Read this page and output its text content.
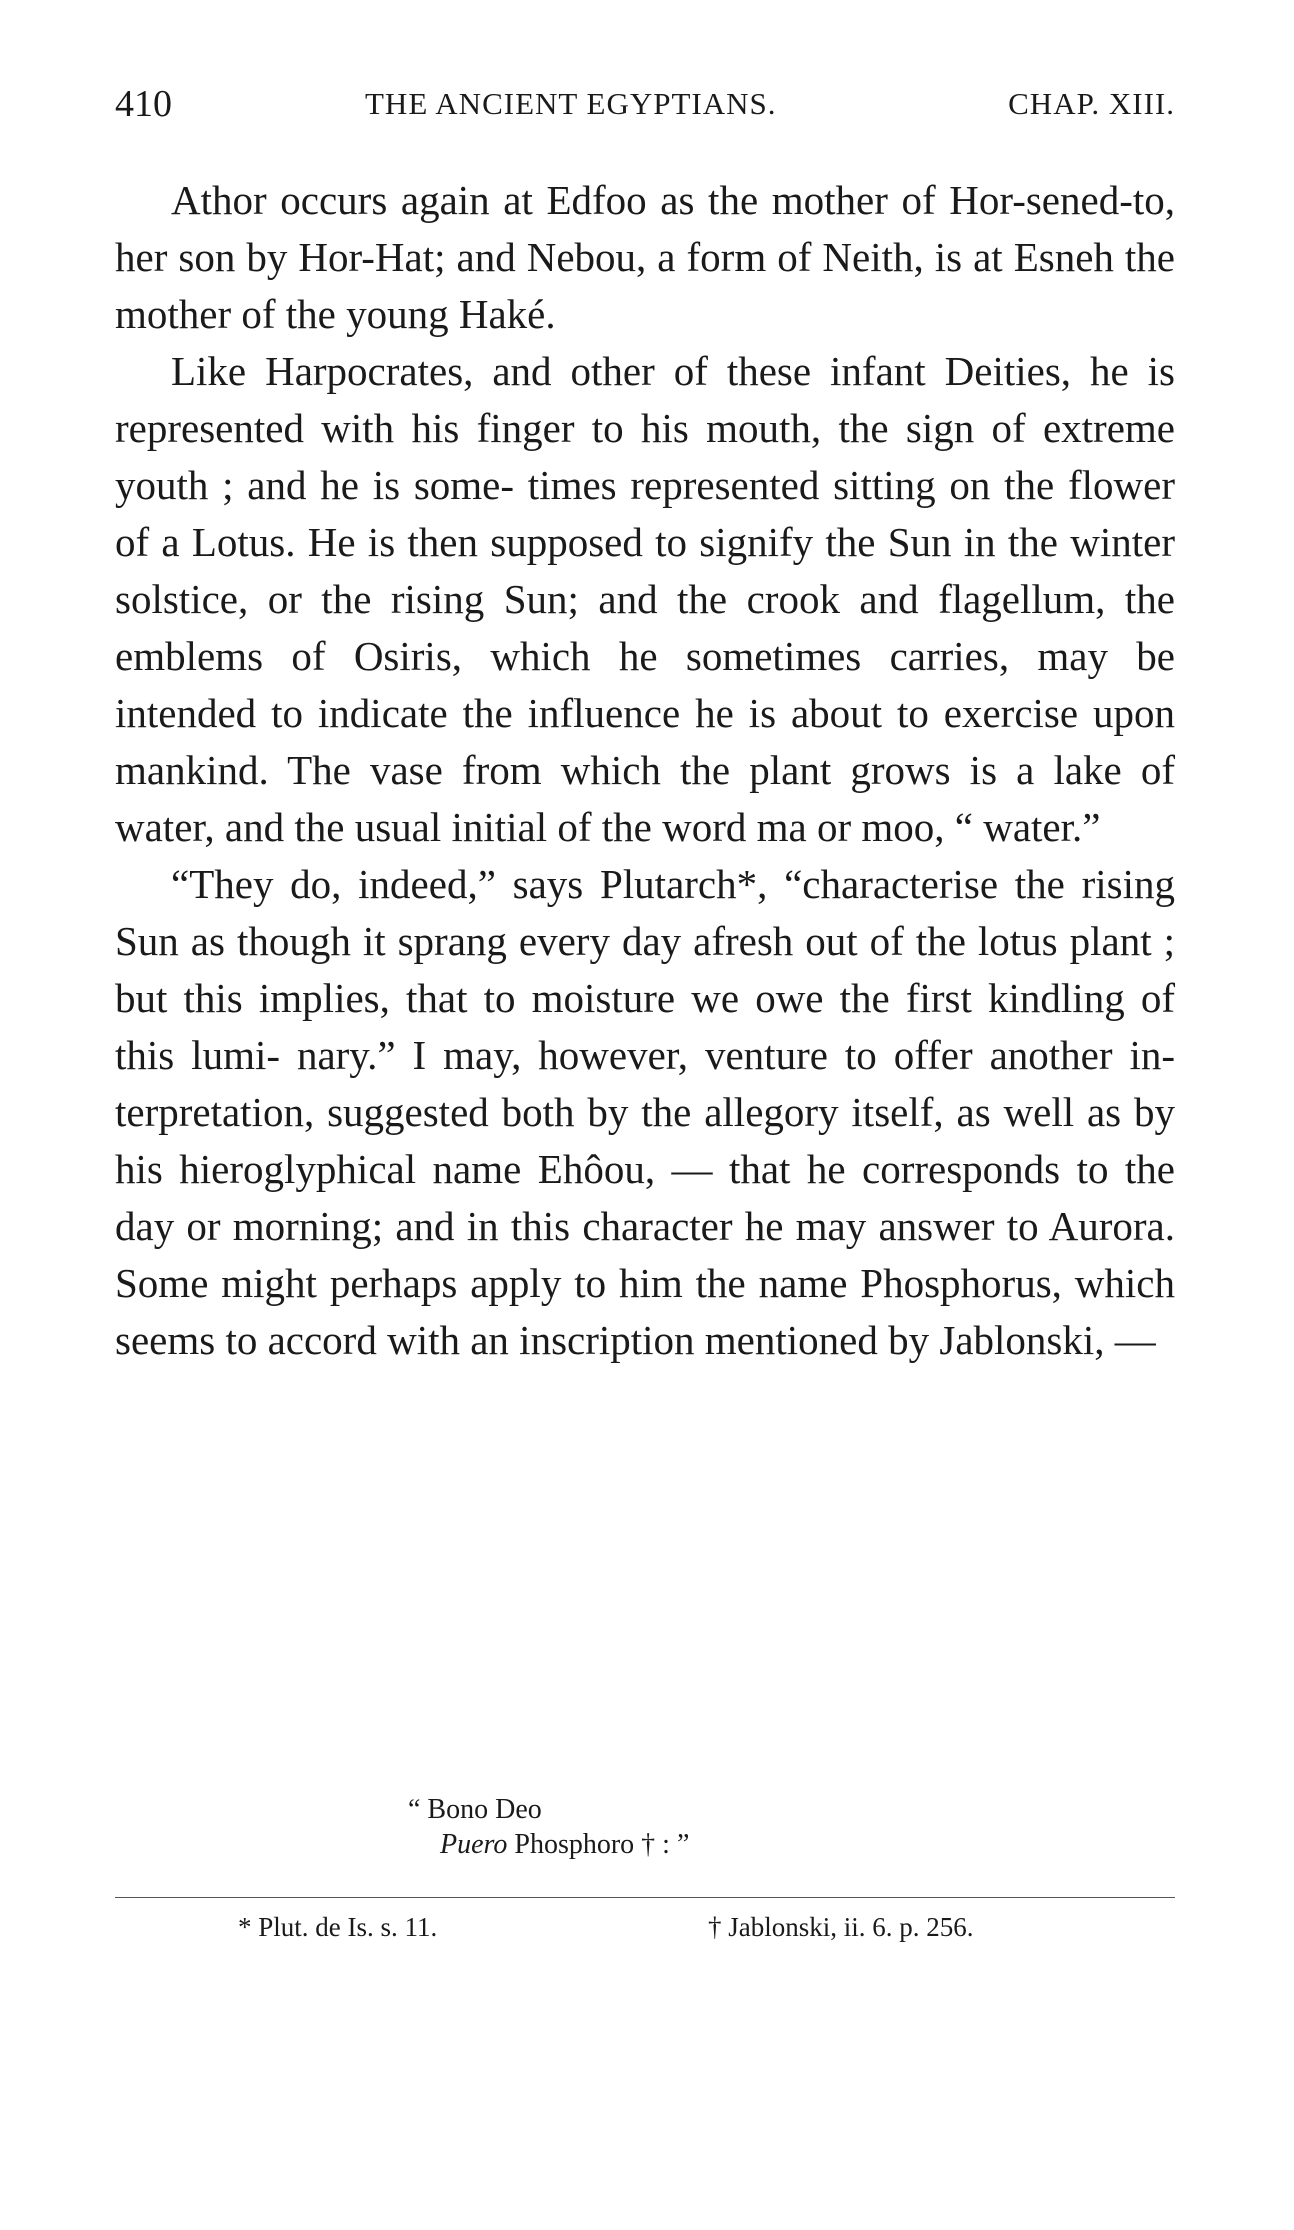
410	THE ANCIENT EGYPTIANS.	CHAP. XIII.

Athor occurs again at Edfoo as the mother of Hor-sened-to, her son by Hor-Hat; and Nebou, a form of Neith, is at Esneh the mother of the young Haké.

Like Harpocrates, and other of these infant Deities, he is represented with his finger to his mouth, the sign of extreme youth ; and he is some- times represented sitting on the flower of a Lotus. He is then supposed to signify the Sun in the winter solstice, or the rising Sun; and the crook and flagellum, the emblems of Osiris, which he sometimes carries, may be intended to indicate the influence he is about to exercise upon mankind. The vase from which the plant grows is a lake of water, and the usual initial of the word ma or moo, “ water.”

“They do, indeed,” says Plutarch*, “characterise the rising Sun as though it sprang every day afresh out of the lotus plant ; but this implies, that to moisture we owe the first kindling of this lumi- nary.” I may, however, venture to offer another in- terpretation, suggested both by the allegory itself, as well as by his hieroglyphical name Ehôou, — that he corresponds to the day or morning; and in this character he may answer to Aurora. Some might perhaps apply to him the name Phosphorus, which seems to accord with an inscription mentioned by Jablonski, —

“ Bono Deo
Puero Phosphoro † : ”
* Plut. de Is. s. 11.	† Jablonski, ii. 6. p. 256.
